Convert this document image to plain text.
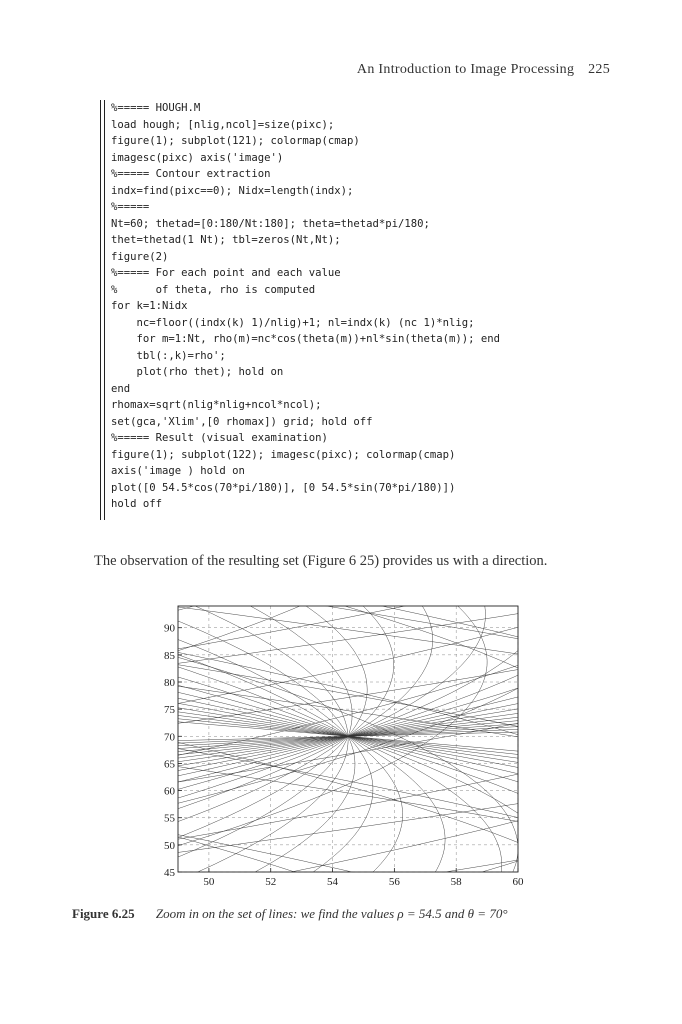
An Introduction to Image Processing 225
%===== HOUGH.M
load hough; [nlig,ncol]=size(pixc);
figure(1); subplot(121); colormap(cmap)
imagesc(pixc) axis('image')
%===== Contour extraction
indx=find(pixc==0); Nidx=length(indx);
%=====
Nt=60; thetad=[0:180/Nt:180]; theta=thetad*pi/180;
thet=thetad(1 Nt); tbl=zeros(Nt,Nt);
figure(2)
%===== For each point and each value
%      of theta, rho is computed
for k=1:Nidx
nc=floor((indx(k) 1)/nlig)+1; nl=indx(k) (nc 1)*nlig;
for m=1:Nt, rho(m)=nc*cos(theta(m))+nl*sin(theta(m)); end
tbl(:,k)=rho';
plot(rho thet); hold on
end
rhomax=sqrt(nlig*nlig+ncol*ncol);
set(gca,'Xlim',[0 rhomax]) grid; hold off
%===== Result (visual examination)
figure(1); subplot(122); imagesc(pixc); colormap(cmap)
axis('image ) hold on
plot([0 54.5*cos(70*pi/180)], [0 54.5*sin(70*pi/180)])
hold off

The observation of the resulting set (Figure 6 25) provides us with a direction.

50	52	54	56	58	60
45
50
55
60
65
70
75
80
85
90
Figure 6.25 Zoom in on the set of lines: we find the values ρ = 54.5 and θ = 70°
